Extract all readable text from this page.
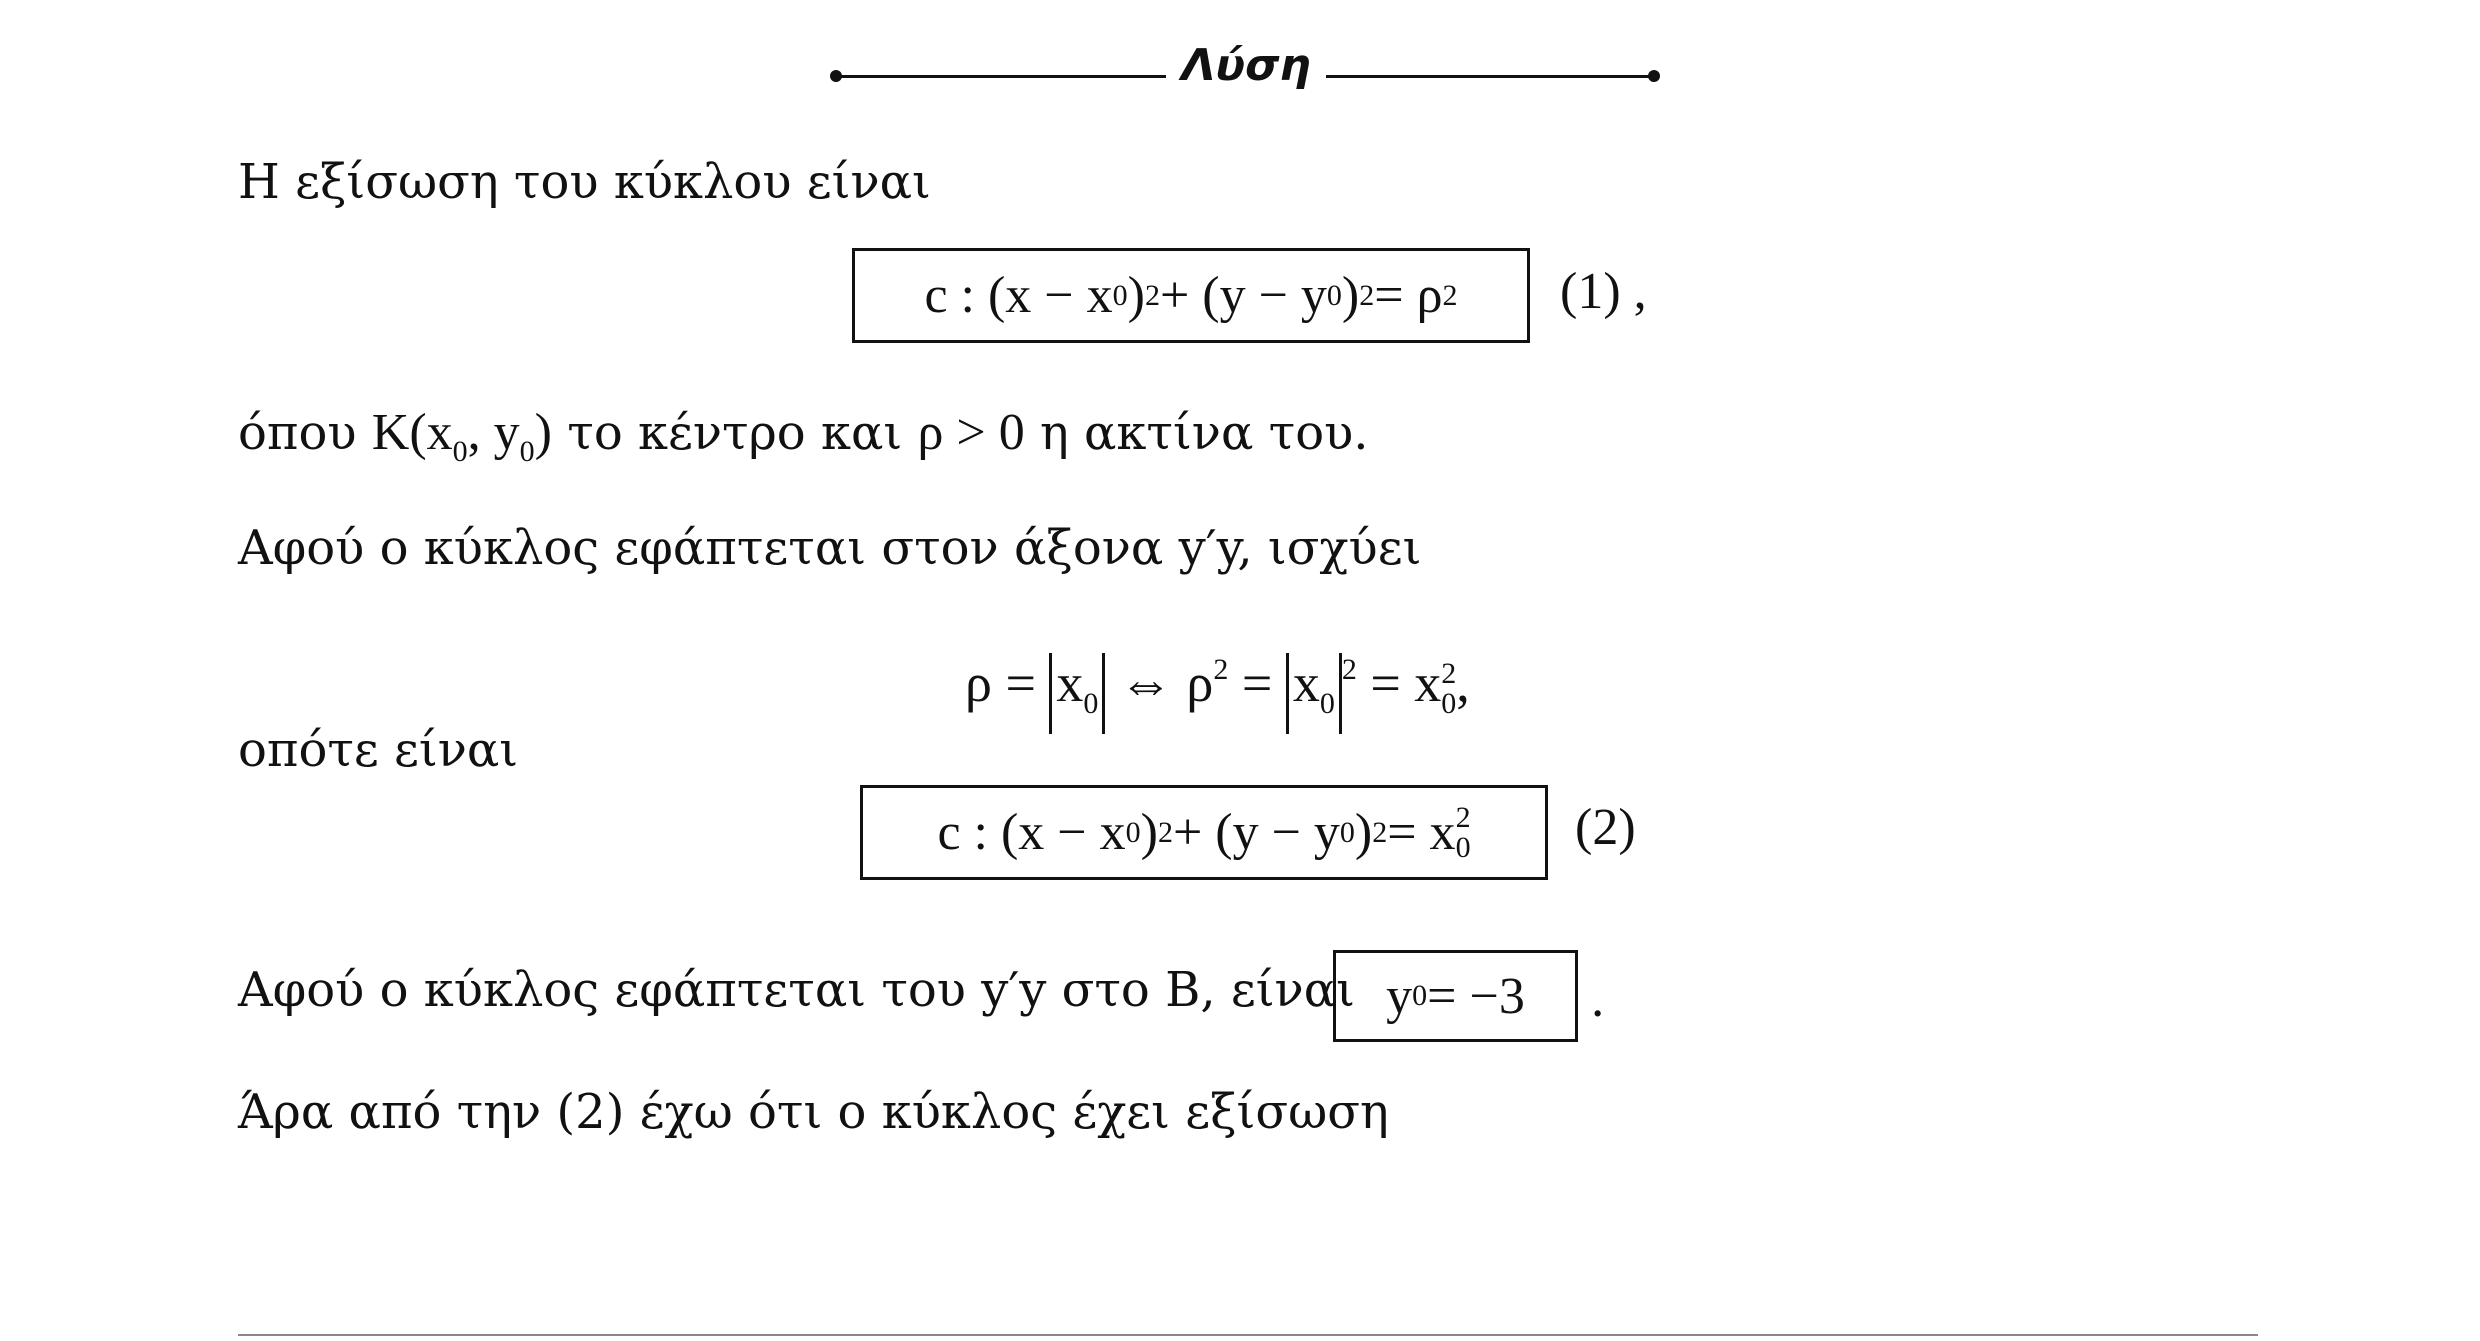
Λύση
Η εξίσωση του κύκλου είναι
c : (x − x 0 ) 2 + (y − y 0 ) 2 = ρ 2 (1) ,
όπου $K(x_0$, $y_0$) το κέντρο και ρ > 0 η ακτίνα του.
Αφού ο κύκλος εφάπτεται στον άξονα y′y, ισχύει
$\rho = x_0$ ⇔ $\rho^2 = x_0^2 = x$ 2
0 ,
οπότε είναι
c : (x − x 0 ) 2 + (y − y 0 ) 2 = x 2
0 (2)
Αφού ο κύκλος εφάπτεται του y′y στο B, είναι y 0 = −3 .
Άρα από την (2) έχω ότι ο κύκλος έχει εξίσωση
